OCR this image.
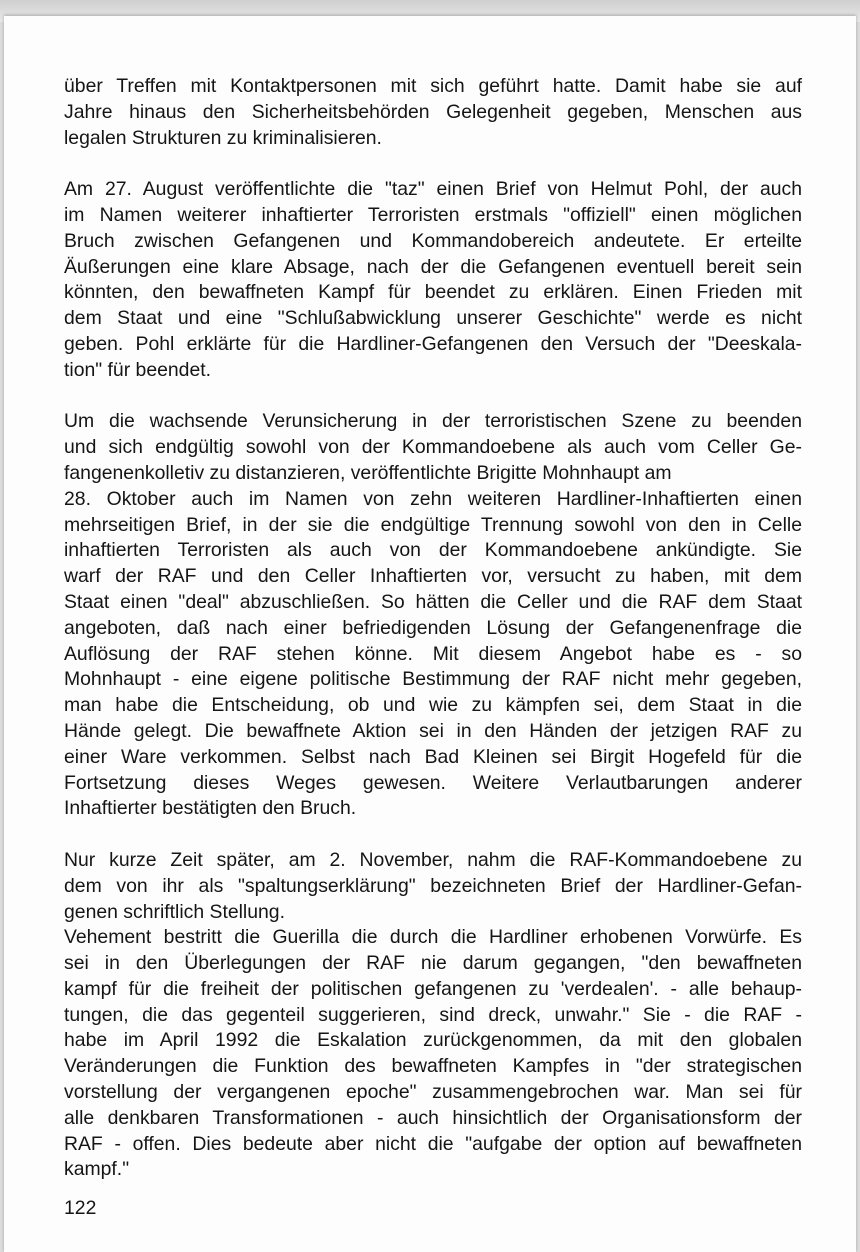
über Treffen mit Kontaktpersonen mit sich geführt hatte. Damit habe sie auf
Jahre hinaus den Sicherheitsbehörden Gelegenheit gegeben, Menschen aus
legalen Strukturen zu kriminalisieren.
Am 27. August veröffentlichte die "taz" einen Brief von Helmut Pohl, der auch
im Namen weiterer inhaftierter Terroristen erstmals "offiziell" einen möglichen
Bruch zwischen Gefangenen und Kommandobereich andeutete. Er erteilte
Äußerungen eine klare Absage, nach der die Gefangenen eventuell bereit sein
könnten, den bewaffneten Kampf für beendet zu erklären. Einen Frieden mit
dem Staat und eine "Schlußabwicklung unserer Geschichte" werde es nicht
geben. Pohl erklärte für die Hardliner-Gefangenen den Versuch der "Deeskala-
tion" für beendet.
Um die wachsende Verunsicherung in der terroristischen Szene zu beenden
und sich endgültig sowohl von der Kommandoebene als auch vom Celler Ge-
fangenenkolletiv zu distanzieren, veröffentlichte Brigitte Mohnhaupt am
28. Oktober auch im Namen von zehn weiteren Hardliner-Inhaftierten einen
mehrseitigen Brief, in der sie die endgültige Trennung sowohl von den in Celle
inhaftierten Terroristen als auch von der Kommandoebene ankündigte. Sie
warf der RAF und den Celler Inhaftierten vor, versucht zu haben, mit dem
Staat einen "deal" abzuschließen. So hätten die Celler und die RAF dem Staat
angeboten, daß nach einer befriedigenden Lösung der Gefangenenfrage die
Auflösung der RAF stehen könne. Mit diesem Angebot habe es - so
Mohnhaupt - eine eigene politische Bestimmung der RAF nicht mehr gegeben,
man habe die Entscheidung, ob und wie zu kämpfen sei, dem Staat in die
Hände gelegt. Die bewaffnete Aktion sei in den Händen der jetzigen RAF zu
einer Ware verkommen. Selbst nach Bad Kleinen sei Birgit Hogefeld für die
Fortsetzung dieses Weges gewesen. Weitere Verlautbarungen anderer
Inhaftierter bestätigten den Bruch.
Nur kurze Zeit später, am 2. November, nahm die RAF-Kommandoebene zu
dem von ihr als "spaltungserklärung" bezeichneten Brief der Hardliner-Gefan-
genen schriftlich Stellung.
Vehement bestritt die Guerilla die durch die Hardliner erhobenen Vorwürfe. Es
sei in den Überlegungen der RAF nie darum gegangen, "den bewaffneten
kampf für die freiheit der politischen gefangenen zu 'verdealen'. - alle behaup-
tungen, die das gegenteil suggerieren, sind dreck, unwahr." Sie - die RAF -
habe im April 1992 die Eskalation zurückgenommen, da mit den globalen
Veränderungen die Funktion des bewaffneten Kampfes in "der strategischen
vorstellung der vergangenen epoche" zusammengebrochen war. Man sei für
alle denkbaren Transformationen - auch hinsichtlich der Organisationsform der
RAF - offen. Dies bedeute aber nicht die "aufgabe der option auf bewaffneten
kampf."
122
